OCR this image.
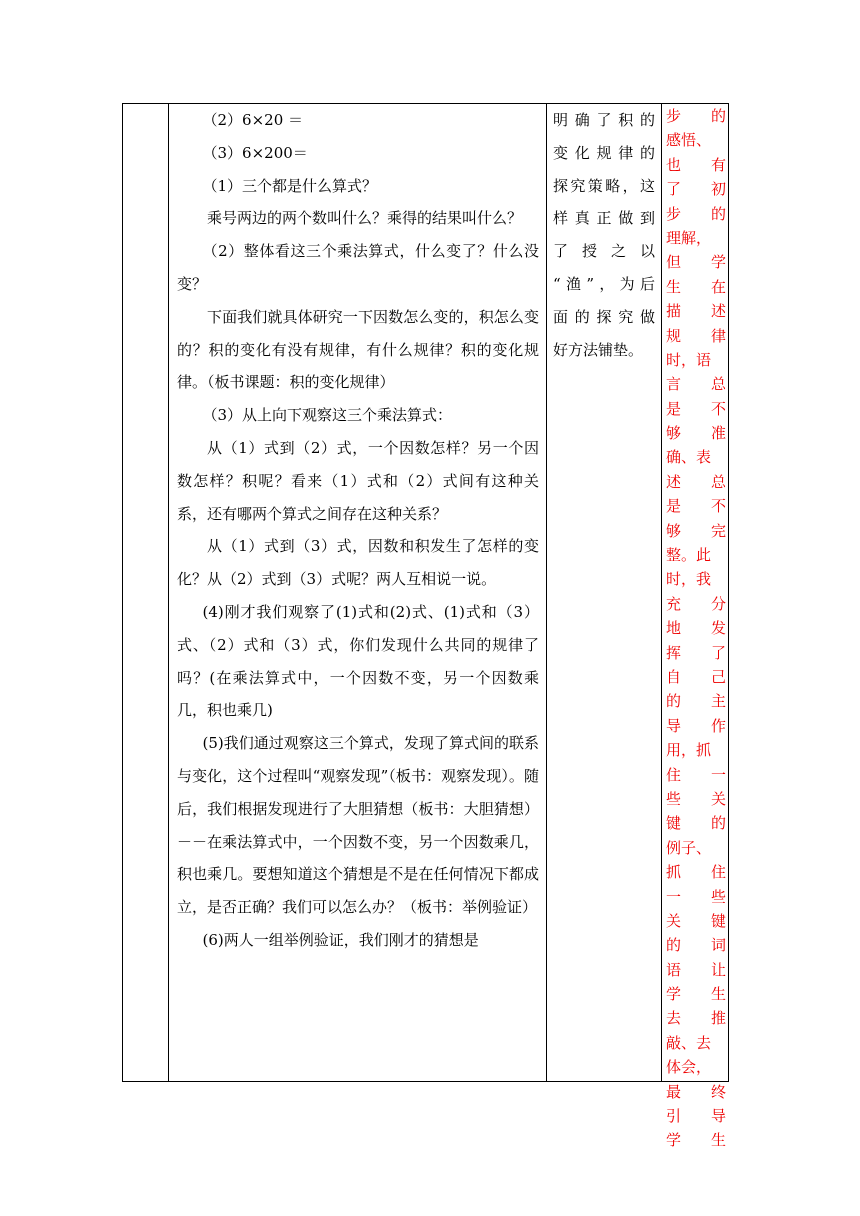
（2）6×20 ＝

（3）6×200＝

（1）三个都是什么算式？

乘号两边的两个数叫什么？乘得的结果叫什么？

（2）整体看这三个乘法算式，什么变了？什么没变？

下面我们就具体研究一下因数怎么变的，积怎么变的？积的变化有没有规律，有什么规律？积的变化规律。（板书课题：积的变化规律）

（3）从上向下观察这三个乘法算式：

从（1）式到（2）式，一个因数怎样？另一个因数怎样？积呢？看来（1）式和（2）式间有这种关系，还有哪两个算式之间存在这种关系？

从（1）式到（3）式，因数和积发生了怎样的变化？从（2）式到（3）式呢？两人互相说一说。

(4)刚才我们观察了(1)式和(2)式、(1)式和（3）式、（2）式和（3）式，你们发现什么共同的规律了吗？(在乘法算式中，一个因数不变，另一个因数乘几，积也乘几)

(5)我们通过观察这三个算式，发现了算式间的联系与变化，这个过程叫“观察发现”（板书：观察发现）。随后，我们根据发现进行了大胆猜想（板书：大胆猜想）－－在乘法算式中，一个因数不变，另一个因数乘几，积也乘几。要想知道这个猜想是不是在任何情况下都成立，是否正确？我们可以怎么办？（板书：举例验证）

(6)两人一组举例验证，我们刚才的猜想是

明确了积的

变化规律的

探究策略，这

样真正做到

了授之以

“渔”，为后

面的探究做

好方法铺垫。

步 的
感悟、
也 有
了 初
步 的
理解，
但 学
生 在
描 述
规 律
时，语
言 总
是 不
够 准
确、表
述 总
是 不
够 完
整。此
时，我
充 分
地 发
挥 了
自 己
的 主
导 作
用，抓
住 一
些 关
键 的
例子、
抓 住
一 些
关 键
的 词
语 让
学 生
去 推
敲、去
体会，
最 终
引 导
学 生
